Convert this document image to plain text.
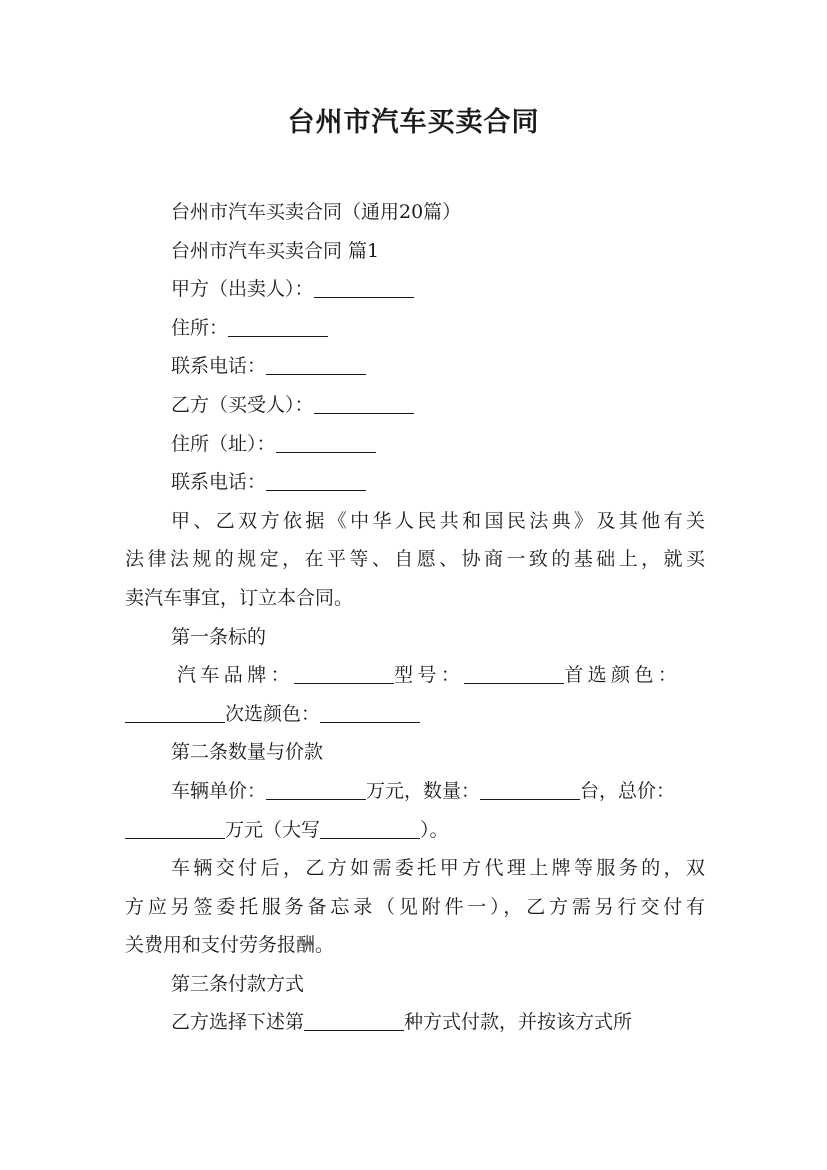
台州市汽车买卖合同
台州市汽车买卖合同（通用20篇）
台州市汽车买卖合同 篇1
甲方（出卖人）：
住所：
联系电话：
乙方（买受人）：
住所（址）：
联系电话：
甲、乙双方依据《中华人民共和国民法典》及其他有关
法律法规的规定，在平等、自愿、协商一致的基础上，就买
卖汽车事宜，订立本合同。
第一条标的
汽车品牌：	型号：	首选颜色：
次选颜色：
第二条数量与价款
车辆单价：	万元，数量：	台，总价：
万元（大写	）。
车辆交付后，乙方如需委托甲方代理上牌等服务的，双
方应另签委托服务备忘录（见附件一），乙方需另行交付有
关费用和支付劳务报酬。
第三条付款方式
乙方选择下述第	种方式付款，并按该方式所
